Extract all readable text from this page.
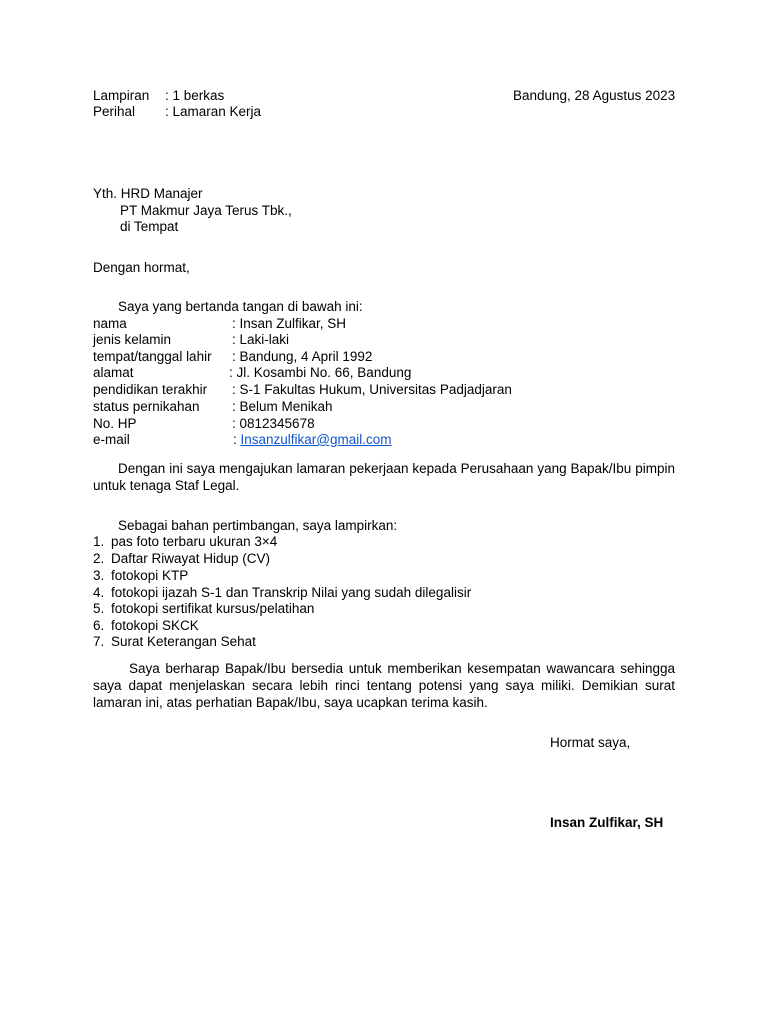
Lampiran : 1 berkas	Bandung, 28 Agustus 2023
Perihal : Lamaran Kerja
Yth. HRD Manajer
PT Makmur Jaya Terus Tbk.,
di Tempat
Dengan hormat,
Saya yang bertanda tangan di bawah ini:
nama	: Insan Zulfikar, SH
jenis kelamin	: Laki-laki
tempat/tanggal lahir : Bandung, 4 April 1992
alamat	: Jl. Kosambi No. 66, Bandung
pendidikan terakhir : S-1 Fakultas Hukum, Universitas Padjadjaran
status pernikahan : Belum Menikah
No. HP	: 0812345678
e-mail	: Insanzulfikar@gmail.com
Dengan ini saya mengajukan lamaran pekerjaan kepada Perusahaan yang Bapak/Ibu pimpin untuk tenaga Staf Legal.
Sebagai bahan pertimbangan, saya lampirkan:
1. pas foto terbaru ukuran 3×4
2. Daftar Riwayat Hidup (CV)
3. fotokopi KTP
4. fotokopi ijazah S-1 dan Transkrip Nilai yang sudah dilegalisir
5. fotokopi sertifikat kursus/pelatihan
6. fotokopi SKCK
7. Surat Keterangan Sehat
Saya berharap Bapak/Ibu bersedia untuk memberikan kesempatan wawancara sehingga saya dapat menjelaskan secara lebih rinci tentang potensi yang saya miliki. Demikian surat lamaran ini, atas perhatian Bapak/Ibu, saya ucapkan terima kasih.
Hormat saya,
Insan Zulfikar, SH
